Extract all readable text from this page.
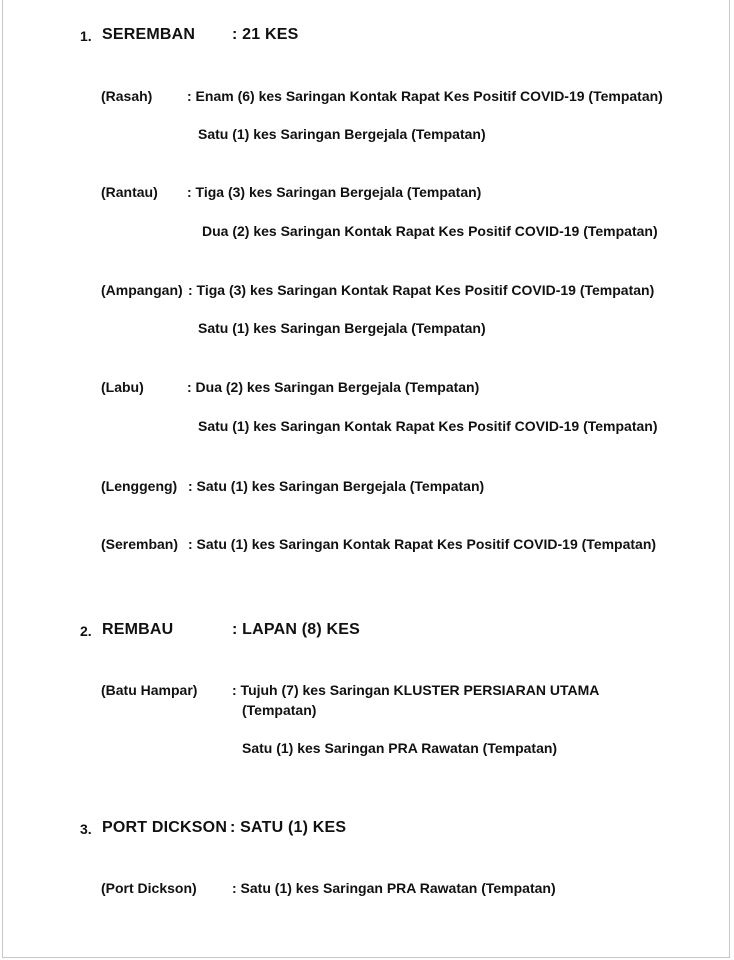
1. SEREMBAN : 21 KES
(Rasah) : Enam (6) kes Saringan Kontak Rapat Kes Positif COVID-19 (Tempatan)
Satu (1) kes Saringan Bergejala (Tempatan)
(Rantau) : Tiga (3) kes Saringan Bergejala (Tempatan)
Dua (2) kes Saringan Kontak Rapat Kes Positif COVID-19 (Tempatan)
(Ampangan) : Tiga (3) kes Saringan Kontak Rapat Kes Positif COVID-19 (Tempatan)
Satu (1) kes Saringan Bergejala (Tempatan)
(Labu)	: Dua (2) kes Saringan Bergejala (Tempatan)
Satu (1) kes Saringan Kontak Rapat Kes Positif COVID-19 (Tempatan)
(Lenggeng) : Satu (1) kes Saringan Bergejala (Tempatan)
(Seremban) : Satu (1) kes Saringan Kontak Rapat Kes Positif COVID-19 (Tempatan)
2. REMBAU	: LAPAN (8) KES
(Batu Hampar) : Tujuh (7) kes Saringan KLUSTER PERSIARAN UTAMA
(Tempatan)
Satu (1) kes Saringan PRA Rawatan (Tempatan)
3. PORT DICKSON : SATU (1) KES
(Port Dickson)	: Satu (1) kes Saringan PRA Rawatan (Tempatan)
